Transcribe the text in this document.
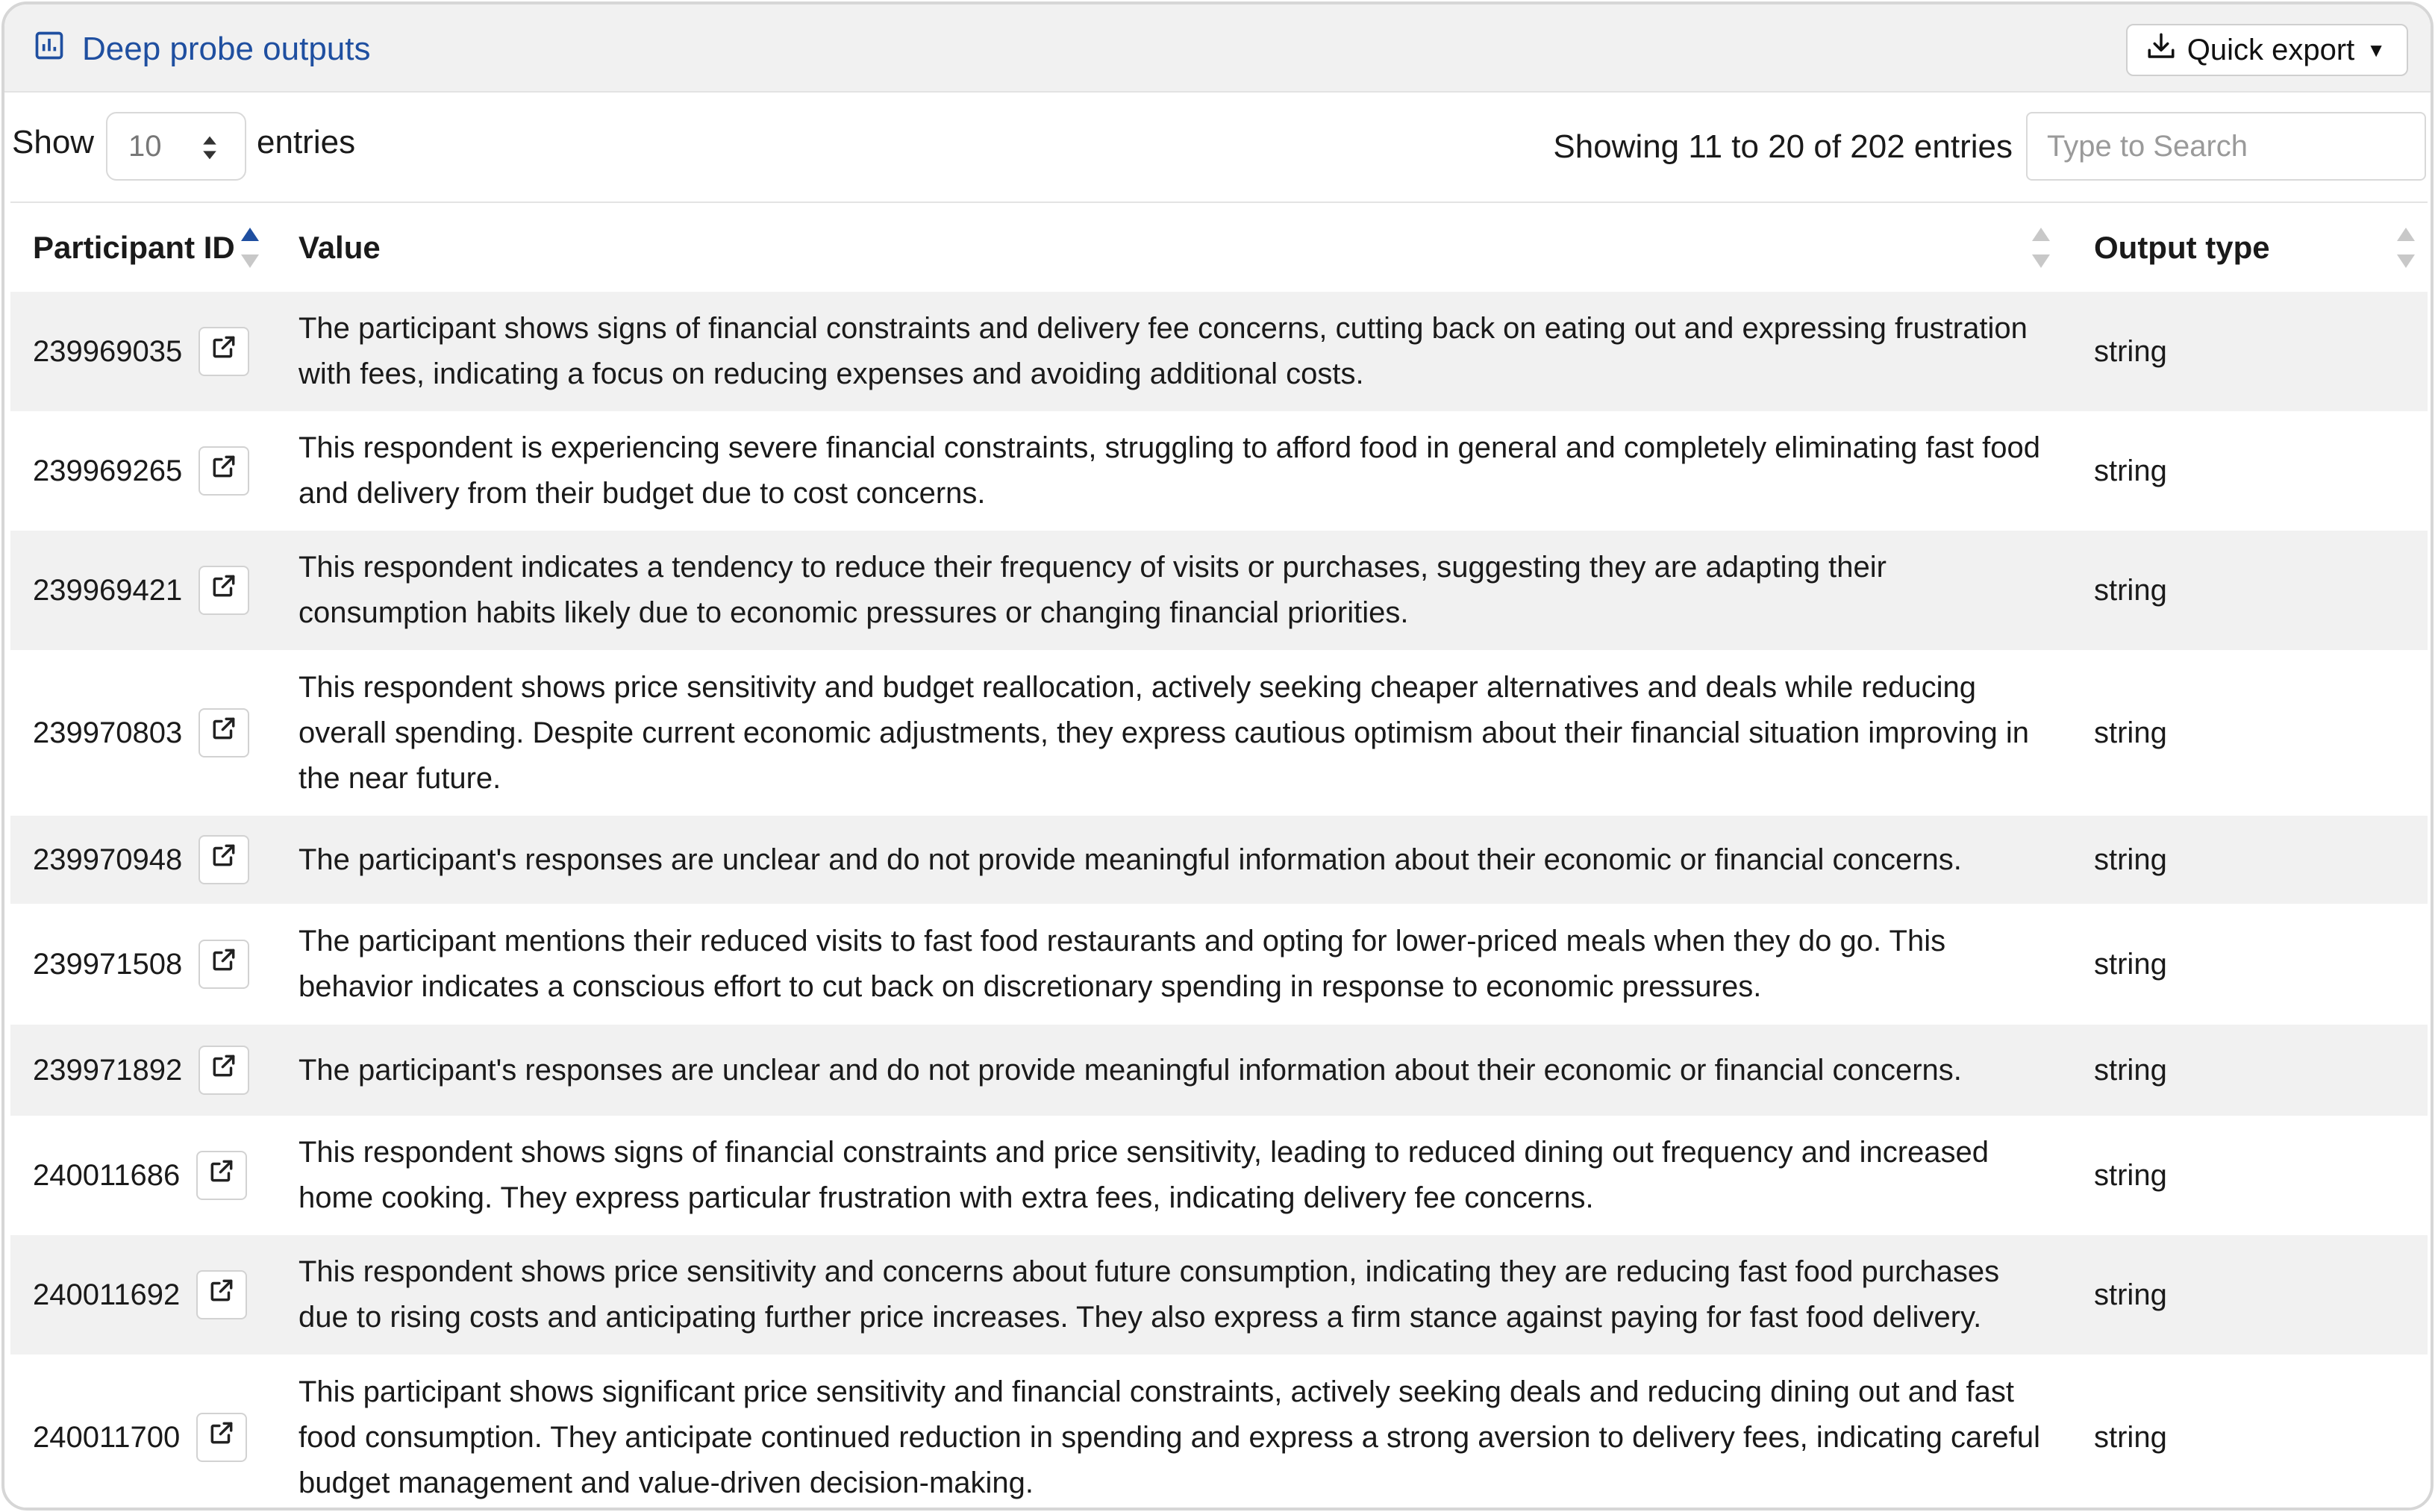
Deep probe outputs	Quick export ▼
Show 10	entries	Showing 11 to 20 of 202 entries
Type to Search
Participant ID	Value	Output type

239969035	The participant shows signs of financial constraints and delivery fee concerns, cutting back on eating out and expressing frustration with fees, indicating a focus on reducing expenses and avoiding additional costs.	string

239969265	This respondent is experiencing severe financial constraints, struggling to afford food in general and completely eliminating fast food and delivery from their budget due to cost concerns.	string

239969421	This respondent indicates a tendency to reduce their frequency of visits or purchases, suggesting they are adapting their consumption habits likely due to economic pressures or changing financial priorities.	string

239970803	This respondent shows price sensitivity and budget reallocation, actively seeking cheaper alternatives and deals while reducing overall spending. Despite current economic adjustments, they express cautious optimism about their financial situation improving in the near future.	string

239970948	The participant's responses are unclear and do not provide meaningful information about their economic or financial concerns.	string

239971508	The participant mentions their reduced visits to fast food restaurants and opting for lower-priced meals when they do go. This behavior indicates a conscious effort to cut back on discretionary spending in response to economic pressures.	string

239971892	The participant's responses are unclear and do not provide meaningful information about their economic or financial concerns.	string

240011686	This respondent shows signs of financial constraints and price sensitivity, leading to reduced dining out frequency and increased home cooking. They express particular frustration with extra fees, indicating delivery fee concerns.	string

240011692	This respondent shows price sensitivity and concerns about future consumption, indicating they are reducing fast food purchases due to rising costs and anticipating further price increases. They also express a firm stance against paying for fast food delivery.	string

240011700	This participant shows significant price sensitivity and financial constraints, actively seeking deals and reducing dining out and fast food consumption. They anticipate continued reduction in spending and express a strong aversion to delivery fees, indicating careful budget management and value-driven decision-making.	string
